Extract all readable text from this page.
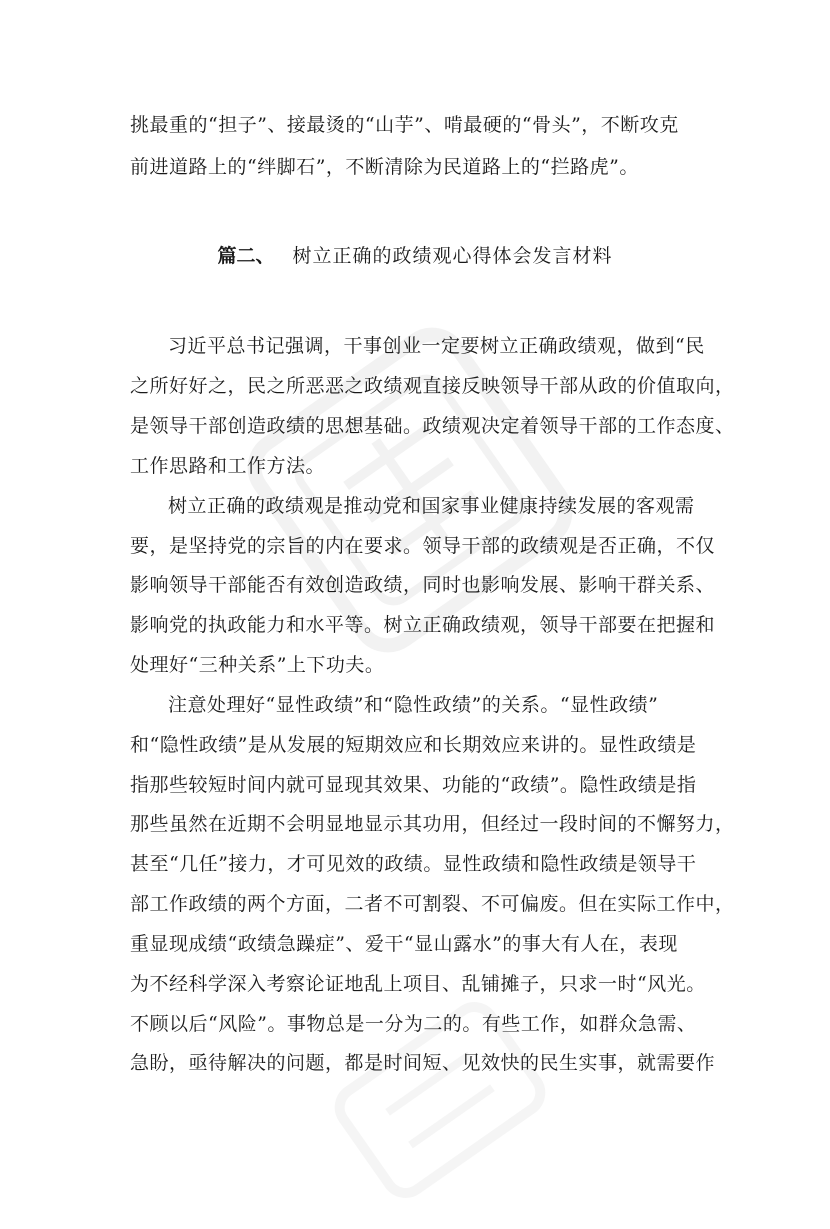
挑最重的“担子”、接最烫的“山芋”、啃最硬的“骨头”，不断攻克
前进道路上的“绊脚石”，不断清除为民道路上的“拦路虎”。
篇二、 树立正确的政绩观心得体会发言材料
习近平总书记强调，干事创业一定要树立正确政绩观，做到“民
之所好好之，民之所恶恶之政绩观直接反映领导干部从政的价值取向，
是领导干部创造政绩的思想基础。政绩观决定着领导干部的工作态度、
工作思路和工作方法。
树立正确的政绩观是推动党和国家事业健康持续发展的客观需
要，是坚持党的宗旨的内在要求。领导干部的政绩观是否正确，不仅
影响领导干部能否有效创造政绩，同时也影响发展、影响干群关系、
影响党的执政能力和水平等。树立正确政绩观，领导干部要在把握和
处理好“三种关系”上下功夫。
注意处理好“显性政绩”和“隐性政绩”的关系。“显性政绩”
和“隐性政绩”是从发展的短期效应和长期效应来讲的。显性政绩是
指那些较短时间内就可显现其效果、功能的“政绩”。隐性政绩是指
那些虽然在近期不会明显地显示其功用，但经过一段时间的不懈努力，
甚至“几任”接力，才可见效的政绩。显性政绩和隐性政绩是领导干
部工作政绩的两个方面，二者不可割裂、不可偏废。但在实际工作中，
重显现成绩“政绩急躁症”、爱干“显山露水”的事大有人在，表现
为不经科学深入考察论证地乱上项目、乱铺摊子，只求一时“风光。
不顾以后“风险”。事物总是一分为二的。有些工作，如群众急需、
急盼，亟待解决的问题，都是时间短、见效快的民生实事，就需要作
